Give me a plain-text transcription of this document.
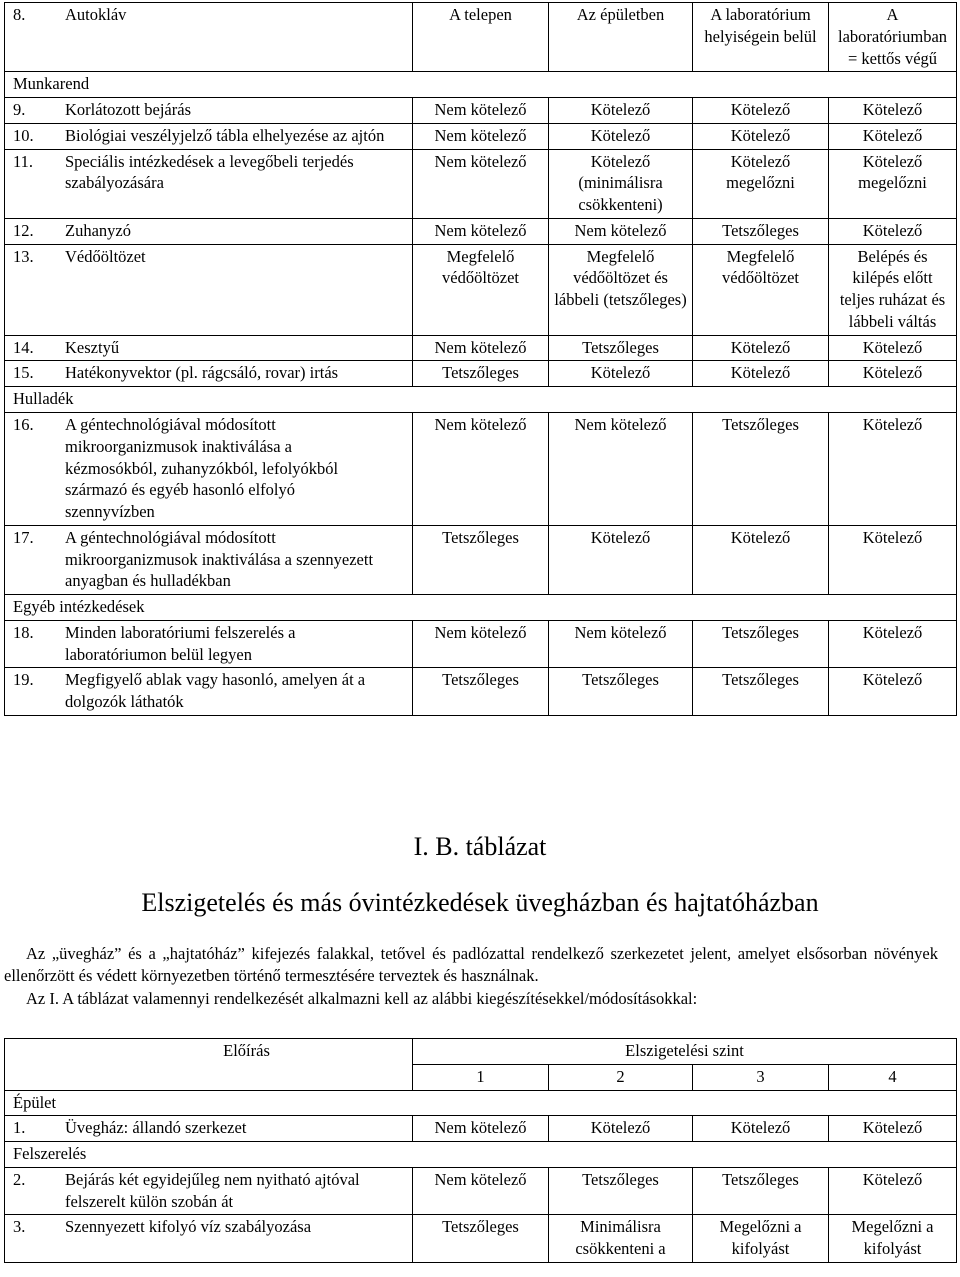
8. Autokláv	A telepen	Az épületben	A laboratórium helyiségein belül	A laboratóriumban = kettős végű
Munkarend				

9. Korlátozott bejárás	Nem kötelező	Kötelező	Kötelező	Kötelező

10. Biológiai veszélyjelző tábla elhelyezése az ajtón	Nem kötelező	Kötelező	Kötelező	Kötelező

11. Speciális intézkedések a levegőbeli terjedés szabályozására	Nem kötelező	Kötelező (minimálisra csökkenteni)	Kötelező megelőzni	Kötelező megelőzni

12. Zuhanyzó	Nem kötelező	Nem kötelező	Tetszőleges	Kötelező

13. Védőöltözet	Megfelelő védőöltözet	Megfelelő védőöltözet és lábbeli (tetszőleges)	Megfelelő védőöltözet	Belépés és kilépés előtt teljes ruházat és lábbeli váltás

14. Kesztyű	Nem kötelező	Tetszőleges	Kötelező	Kötelező

15. Hatékonyvektor (pl. rágcsáló, rovar) irtás	Tetszőleges	Kötelező	Kötelező	Kötelező
Hulladék				

16. A géntechnológiával módosított mikroorganizmusok inaktiválása a kézmosókból, zuhanyzókból, lefolyókból származó és egyéb hasonló elfolyó szennyvízben	Nem kötelező	Nem kötelező	Tetszőleges	Kötelező

17. A géntechnológiával módosított mikroorganizmusok inaktiválása a szennyezett anyagban és hulladékban	Tetszőleges	Kötelező	Kötelező	Kötelező
Egyéb intézkedések				

18. Minden laboratóriumi felszerelés a laboratóriumon belül legyen	Nem kötelező	Nem kötelező	Tetszőleges	Kötelező

19. Megfigyelő ablak vagy hasonló, amelyen át a dolgozók láthatók	Tetszőleges	Tetszőleges	Tetszőleges	Kötelező
I. B. táblázat
Elszigetelés és más óvintézkedések üvegházban és hajtatóházban

Az „üvegház” és a „hajtatóház” kifejezés falakkal, tetővel és padlózattal rendelkező szerkezetet jelent, amelyet elsősorban növények ellenőrzött és védett környezetben történő termesztésére terveztek és használnak.

Az I. A táblázat valamennyi rendelkezését alkalmazni kell az alábbi kiegészítésekkel/módosításokkal:

Előírás	Elszigetelési szint			
	1	2	3	4
Épület				

1. Üvegház: állandó szerkezet	Nem kötelező	Kötelező	Kötelező	Kötelező
Felszerelés				

2. Bejárás két egyidejűleg nem nyitható ajtóval felszerelt külön szobán át	Nem kötelező	Tetszőleges	Tetszőleges	Kötelező

3. Szennyezett kifolyó víz szabályozása	Tetszőleges	Minimálisra csökkenteni a	Megelőzni a kifolyást	Megelőzni a kifolyást
